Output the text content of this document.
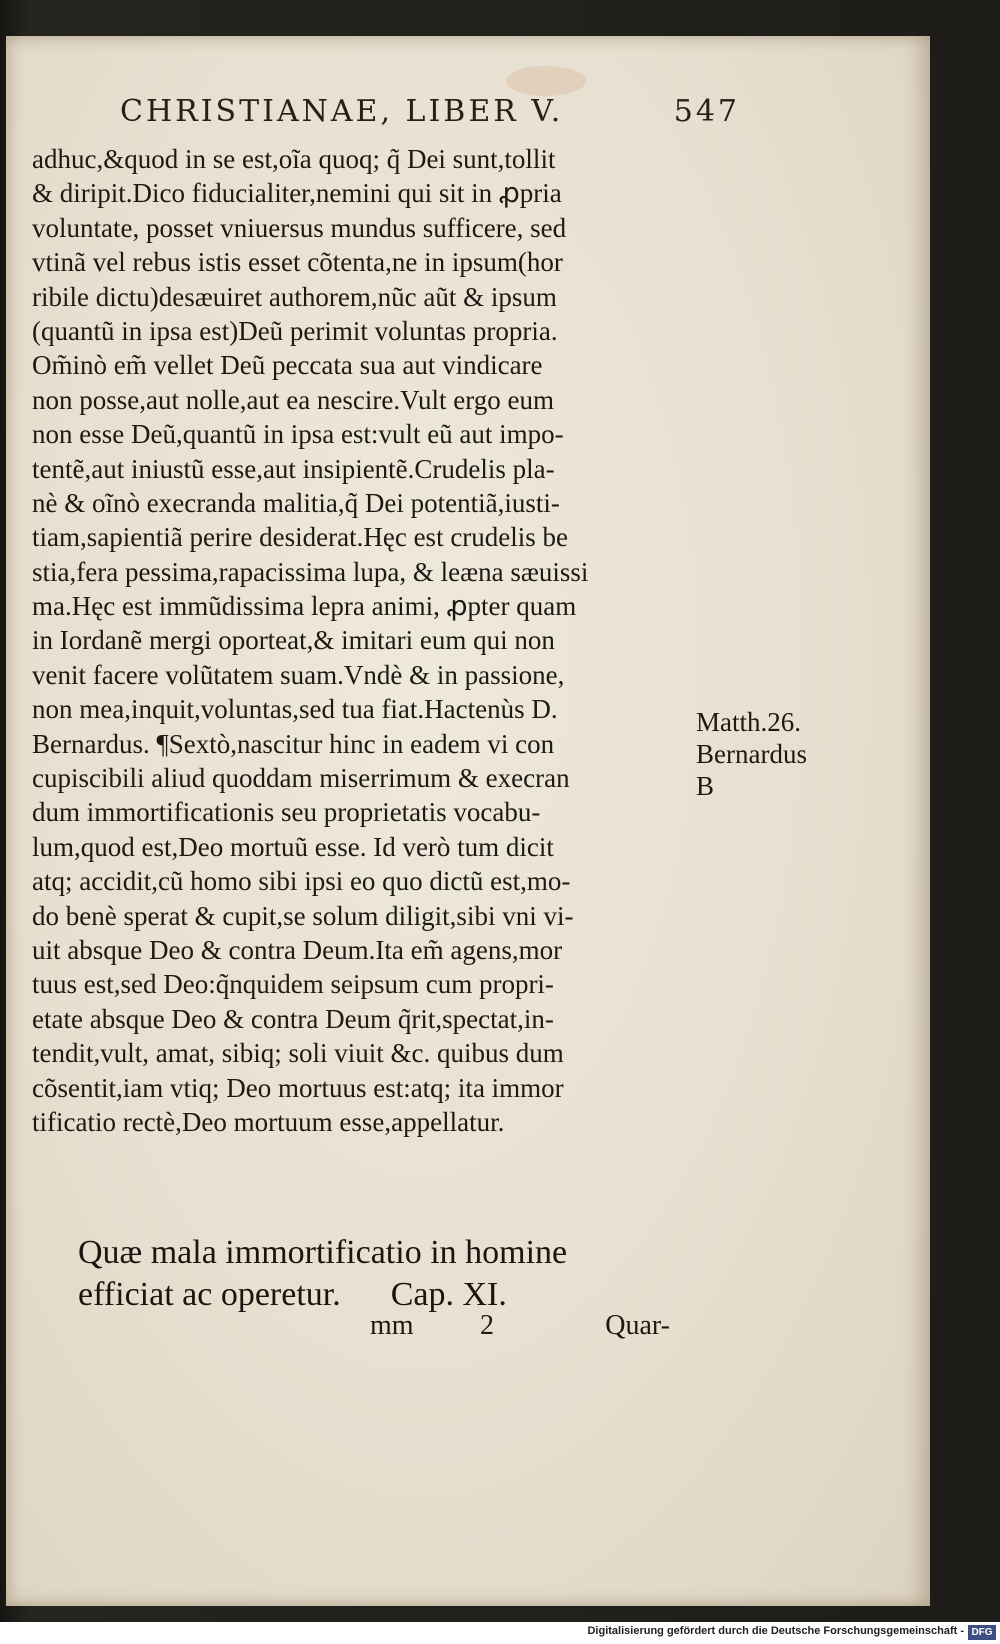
CHRISTIANAE, LIBER V.	547
adhuc,&quod in se est,oĩa quoq; q̃ Dei sunt,tollit
& diripit.Dico fiducialiter,nemini qui sit in ꝓpria
voluntate, posset vniuersus mundus sufficere, sed
vtinã vel rebus istis esset cõtenta,ne in ipsum(hor
ribile dictu)desæuiret authorem,nũc aũt & ipsum
(quantũ in ipsa est)Deũ perimit voluntas propria.
Om̃inò em̃ vellet Deũ peccata sua aut vindicare
non posse,aut nolle,aut ea nescire.Vult ergo eum
non esse Deũ,quantũ in ipsa est:vult eũ aut impo-
tentẽ,aut iniustũ esse,aut insipientẽ.Crudelis pla-
nè & oĩnò execranda malitia,q̃ Dei potentiã,iusti-
tiam,sapientiã perire desiderat.Hęc est crudelis be
stia,fera pessima,rapacissima lupa, & leæna sæuissi
ma.Hęc est immũdissima lepra animi, ꝓpter quam
in Iordanẽ mergi oporteat,& imitari eum qui non
venit facere volũtatem suam.Vndè & in passione,
non mea,inquit,voluntas,sed tua fiat.Hactenùs D.
Bernardus. ¶Sextò,nascitur hinc in eadem vi con
cupiscibili aliud quoddam miserrimum & execran
dum immortificationis seu proprietatis vocabu-
lum,quod est,Deo mortuũ esse. Id verò tum dicit
atq; accidit,cũ homo sibi ipsi eo quo dictũ est,mo-
do benè sperat & cupit,se solum diligit,sibi vni vi-
uit absque Deo & contra Deum.Ita em̃ agens,mor
tuus est,sed Deo:q̃nquidem seipsum cum propri-
etate absque Deo & contra Deum q̃rit,spectat,in-
tendit,vult, amat, sibiq; soli viuit &c. quibus dum
cõsentit,iam vtiq; Deo mortuus est:atq; ita immor
tificatio rectè,Deo mortuum esse,appellatur.
Matth.26.
Bernardus
B
Quæ mala immortificatio in homine
efficiat ac operetur. Cap. XI.
mm 2	Quar-
Digitalisierung gefördert durch die Deutsche Forschungsgemeinschaft - DFG
